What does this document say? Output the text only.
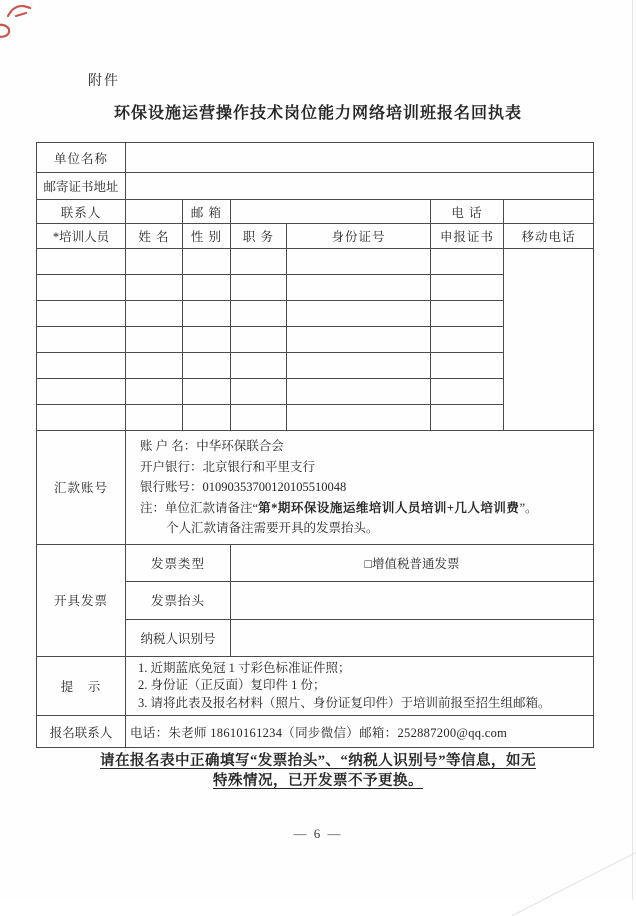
附件
环保设施运营操作技术岗位能力网络培训班报名回执表
单位名称						
邮寄证书地址						
联系人		邮 箱			电 话	
*培训人员	姓 名	性 别	职 务	身份证号	申报证书	移动电话

汇款账号	账 户 名：中华环保联合会
开户银行：北京银行和平里支行
银行账号：01090353700120105510048
注：单位汇款请备注“第*期环保设施运维培训人员培训+几人培训费”。
个人汇款请备注需要开具的发票抬头。					

开具发票	发票类型		□增值税普通发票			
	发票抬头					
	纳税人识别号					
提　示	1. 近期蓝底免冠 1 寸彩色标准证件照；
2. 身份证（正反面）复印件 1 份；
3. 请将此表及报名材料（照片、身份证复印件）于培训前报至招生组邮箱。					

报名联系人	电话：朱老师 18610161234（同步微信）邮箱：252887200@qq.com					
请在报名表中正确填写“发票抬头”、“纳税人识别号”等信息，如无
特殊情况，已开发票不予更换。
— 6 —
